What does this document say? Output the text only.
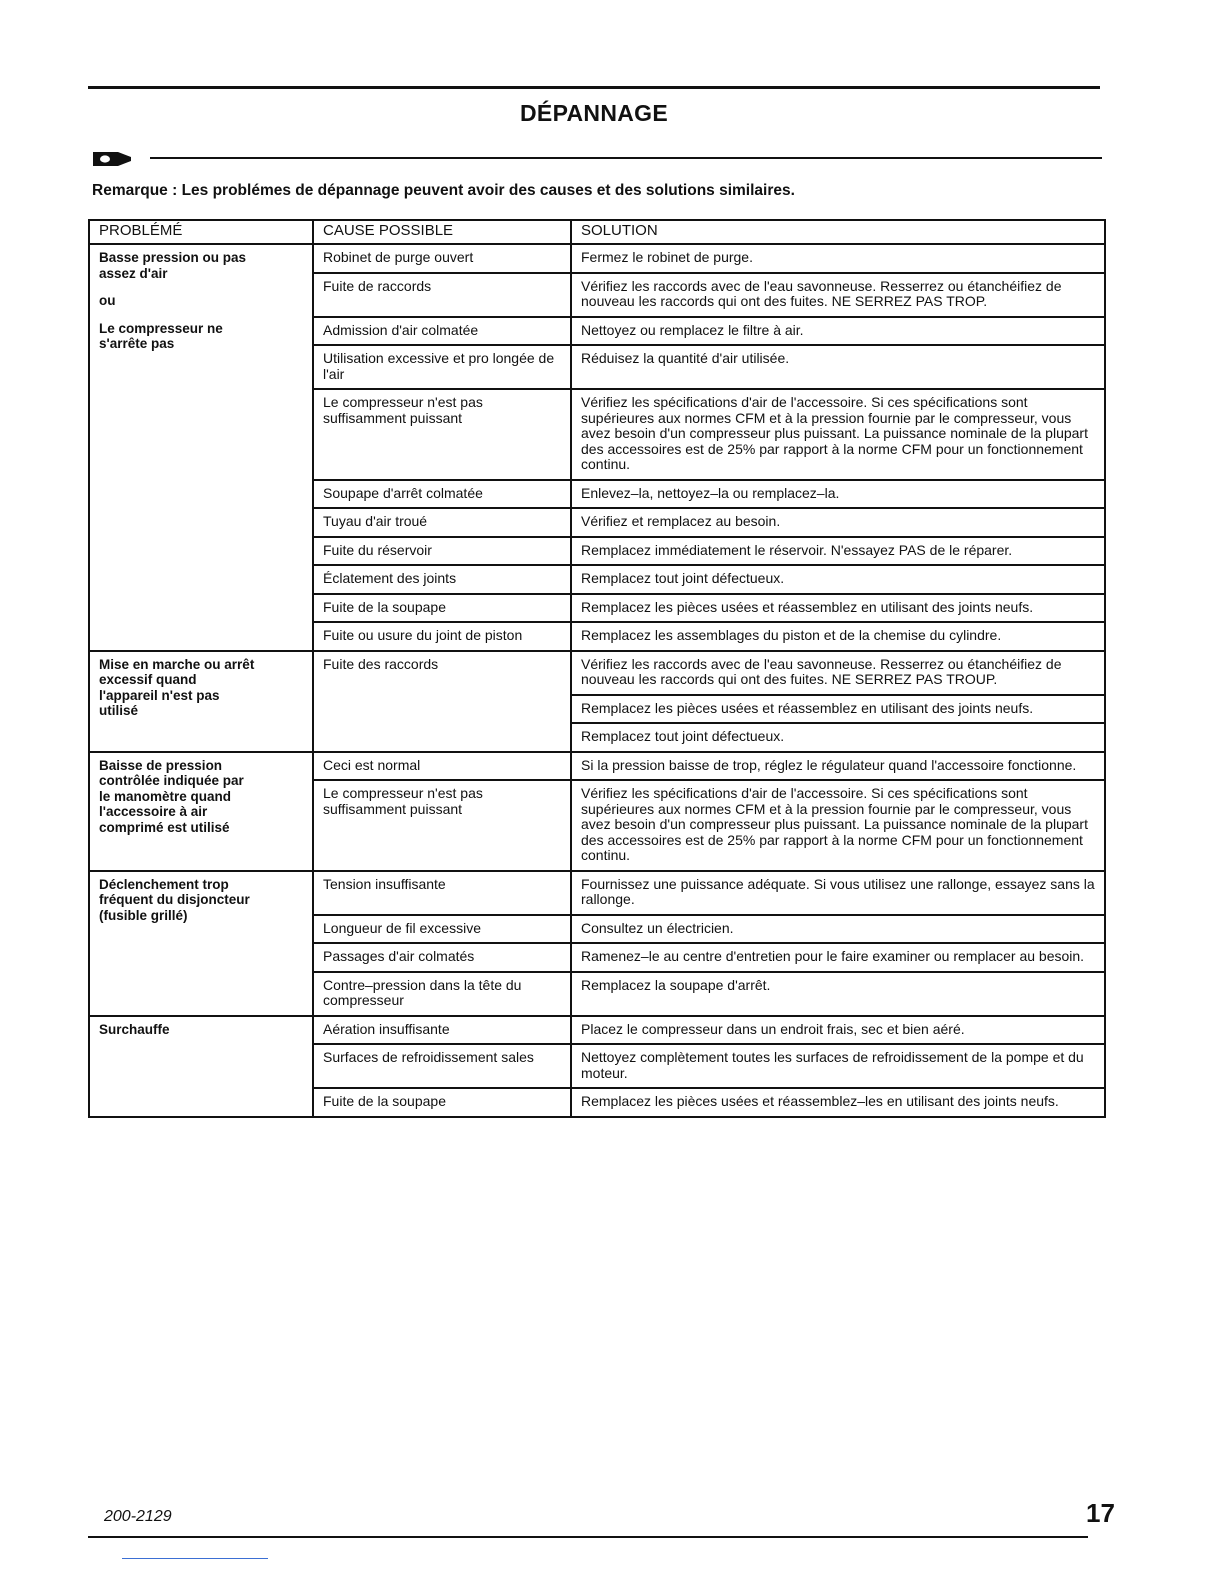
DÉPANNAGE
Remarque : Les problémes de dépannage peuvent avoir des causes et des solutions similaires.
PROBLÉMÉ	CAUSE POSSIBLE	SOLUTION

Basse pression ou pas
assez d'air
ou
Le compresseur ne
s'arrête pas	Robinet de purge ouvert	Fermez le robinet de purge.
	Fuite de raccords	Vérifiez les raccords avec de l'eau savonneuse. Resserrez ou étanchéifiez de nouveau les raccords qui ont des fuites. NE SERREZ PAS TROP.
	Admission d'air colmatée	Nettoyez ou remplacez le filtre à air.
	Utilisation excessive et pro longée de l'air	Réduisez la quantité d'air utilisée.
	Le compresseur n'est pas suffisamment puissant	Vérifiez les spécifications d'air de l'accessoire. Si ces spécifications sont supérieures aux normes CFM et à la pression fournie par le compresseur, vous avez besoin d'un compresseur plus puissant. La puissance nominale de la plupart des accessoires est de 25% par rapport à la norme CFM pour un fonctionnement continu.
	Soupape d'arrêt colmatée	Enlevez–la, nettoyez–la ou remplacez–la.
	Tuyau d'air troué	Vérifiez et remplacez au besoin.
	Fuite du réservoir	Remplacez immédiatement le réservoir. N'essayez PAS de le réparer.
	Éclatement des joints	Remplacez tout joint défectueux.
	Fuite de la soupape	Remplacez les pièces usées et réassemblez en utilisant des joints neufs.
	Fuite ou usure du joint de piston	Remplacez les assemblages du piston et de la chemise du cylindre.

Mise en marche ou arrêt
excessif quand
l'appareil n'est pas
utilisé	Fuite des raccords	Vérifiez les raccords avec de l'eau savonneuse. Resserrez ou étanchéifiez de nouveau les raccords qui ont des fuites. NE SERREZ PAS TROUP.
		Remplacez les pièces usées et réassemblez en utilisant des joints neufs.
		Remplacez tout joint défectueux.

Baisse de pression
contrôlée indiquée par
le manomètre quand
l'accessoire à air
comprimé est utilisé	Ceci est normal	Si la pression baisse de trop, réglez le régulateur quand l'accessoire fonctionne.
	Le compresseur n'est pas suffisamment puissant	Vérifiez les spécifications d'air de l'accessoire. Si ces spécifications sont supérieures aux normes CFM et à la pression fournie par le compresseur, vous avez besoin d'un compresseur plus puissant. La puissance nominale de la plupart des accessoires est de 25% par rapport à la norme CFM pour un fonctionnement continu.

Déclenchement trop
fréquent du disjoncteur
(fusible grillé)	Tension insuffisante	Fournissez une puissance adéquate. Si vous utilisez une rallonge, essayez sans la rallonge.
	Longueur de fil excessive	Consultez un électricien.
	Passages d'air colmatés	Ramenez–le au centre d'entretien pour le faire examiner ou remplacer au besoin.
	Contre–pression dans la tête du compresseur	Remplacez la soupape d'arrêt.

Surchauffe	Aération insuffisante	Placez le compresseur dans un endroit frais, sec et bien aéré.
	Surfaces de refroidissement sales	Nettoyez complètement toutes les surfaces de refroidissement de la pompe et du moteur.
	Fuite de la soupape	Remplacez les pièces usées et réassemblez–les en utilisant des joints neufs.
200-2129	17
